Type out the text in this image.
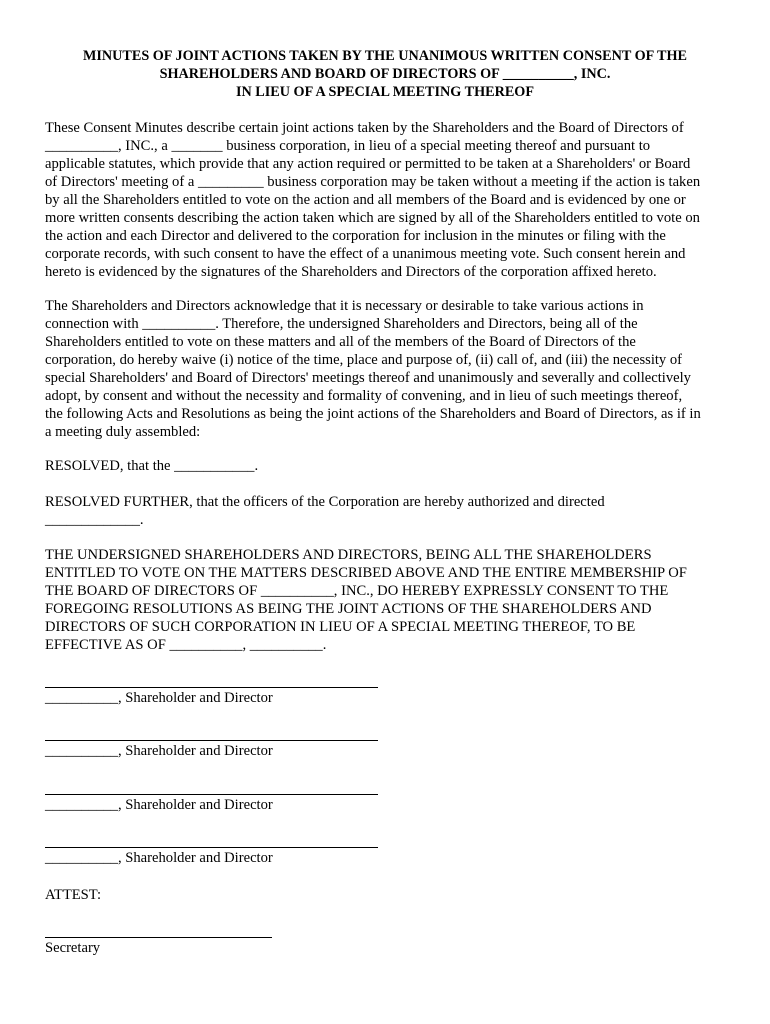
MINUTES OF JOINT ACTIONS TAKEN BY THE UNANIMOUS WRITTEN CONSENT OF THE
SHAREHOLDERS AND BOARD OF DIRECTORS OF __________, INC.
IN LIEU OF A SPECIAL MEETING THEREOF
These Consent Minutes describe certain joint actions taken by the Shareholders and the Board of Directors of
__________, INC., a _______ business corporation, in lieu of a special meeting thereof and pursuant to
applicable statutes, which provide that any action required or permitted to be taken at a Shareholders' or Board
of Directors' meeting of a _________ business corporation may be taken without a meeting if the action is taken
by all the Shareholders entitled to vote on the action and all members of the Board and is evidenced by one or
more written consents describing the action taken which are signed by all of the Shareholders entitled to vote on
the action and each Director and delivered to the corporation for inclusion in the minutes or filing with the
corporate records, with such consent to have the effect of a unanimous meeting vote. Such consent herein and
hereto is evidenced by the signatures of the Shareholders and Directors of the corporation affixed hereto.
The Shareholders and Directors acknowledge that it is necessary or desirable to take various actions in
connection with __________. Therefore, the undersigned Shareholders and Directors, being all of the
Shareholders entitled to vote on these matters and all of the members of the Board of Directors of the
corporation, do hereby waive (i) notice of the time, place and purpose of, (ii) call of, and (iii) the necessity of
special Shareholders' and Board of Directors' meetings thereof and unanimously and severally and collectively
adopt, by consent and without the necessity and formality of convening, and in lieu of such meetings thereof,
the following Acts and Resolutions as being the joint actions of the Shareholders and Board of Directors, as if in
a meeting duly assembled:
RESOLVED, that the ___________.
RESOLVED FURTHER, that the officers of the Corporation are hereby authorized and directed
_____________.
THE UNDERSIGNED SHAREHOLDERS AND DIRECTORS, BEING ALL THE SHAREHOLDERS
ENTITLED TO VOTE ON THE MATTERS DESCRIBED ABOVE AND THE ENTIRE MEMBERSHIP OF
THE BOARD OF DIRECTORS OF __________, INC., DO HEREBY EXPRESSLY CONSENT TO THE
FOREGOING RESOLUTIONS AS BEING THE JOINT ACTIONS OF THE SHAREHOLDERS AND
DIRECTORS OF SUCH CORPORATION IN LIEU OF A SPECIAL MEETING THEREOF, TO BE
EFFECTIVE AS OF __________, __________.
__________, Shareholder and Director
__________, Shareholder and Director
__________, Shareholder and Director
__________, Shareholder and Director
ATTEST:
Secretary
